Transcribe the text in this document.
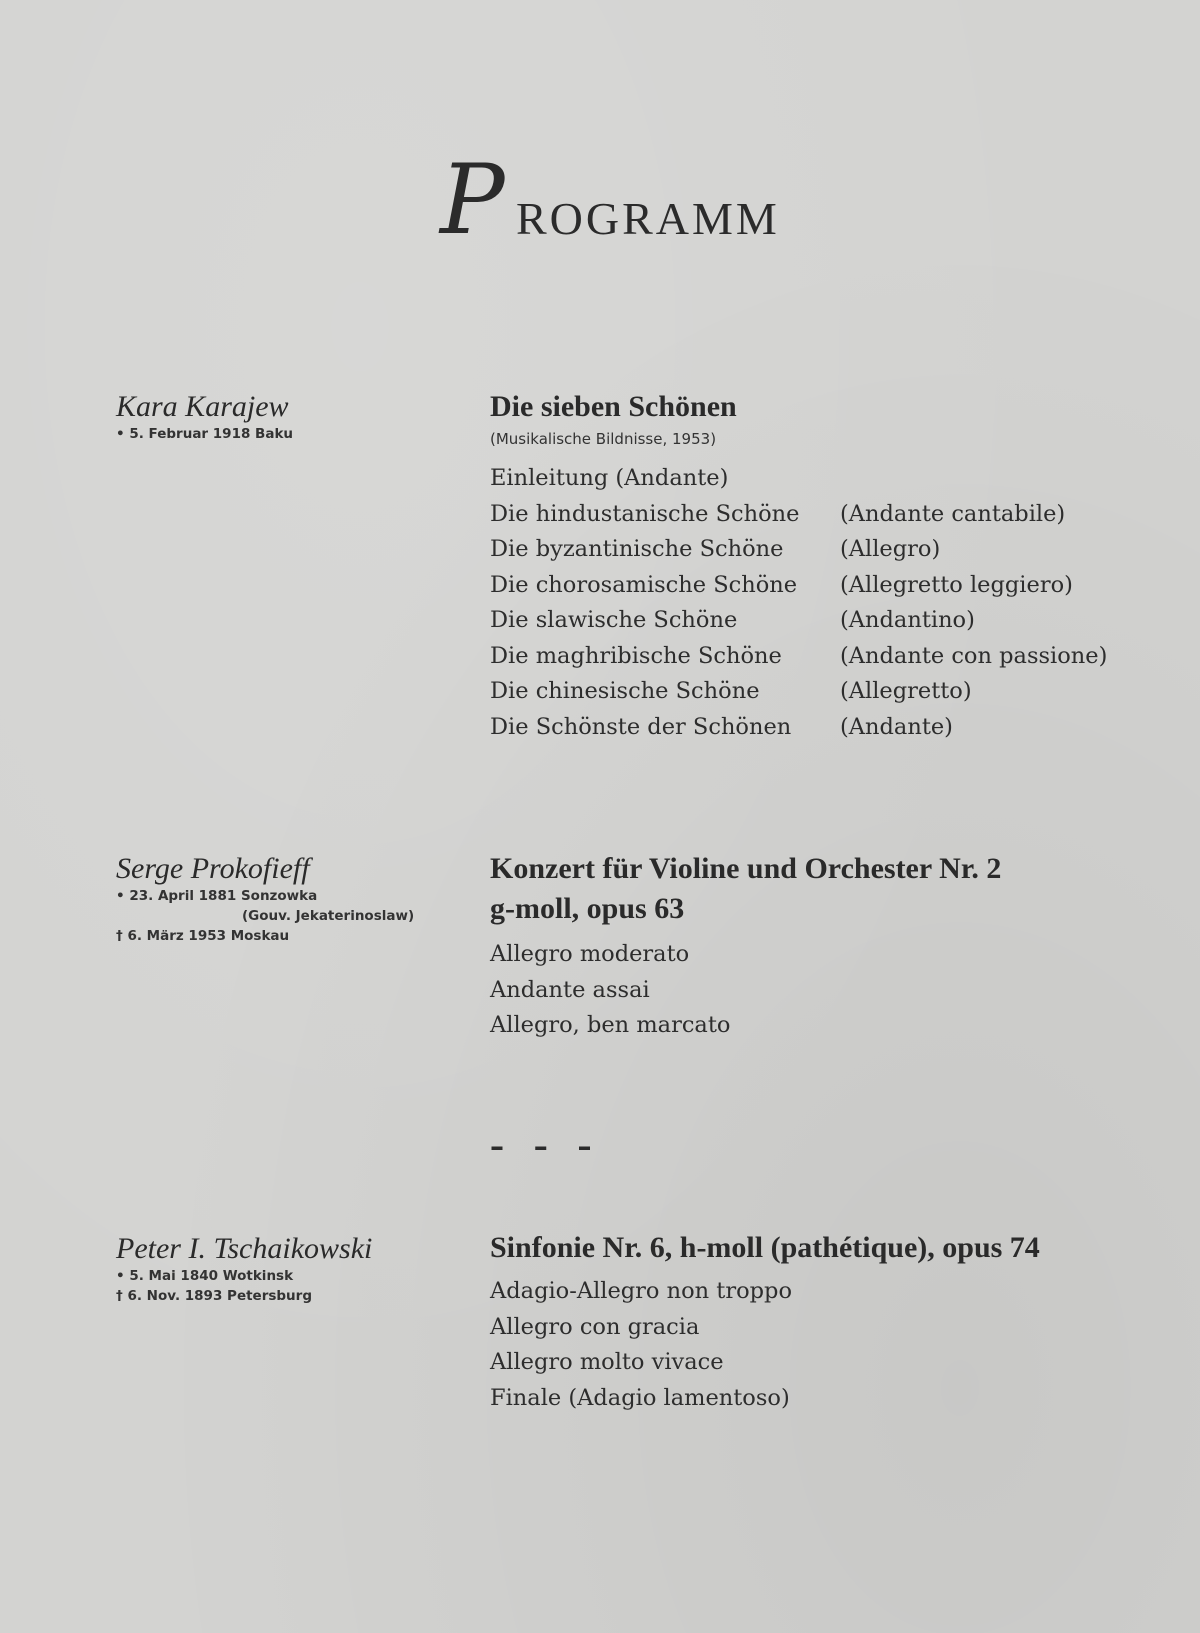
P ROGRAMM
Kara Karajew
• 5. Februar 1918 Baku
Die sieben Schönen
(Musikalische Bildnisse, 1953)
Einleitung (Andante)
Die hindustanische Schöne (Andante cantabile)
Die byzantinische Schöne	(Allegro)
Die chorosamische Schöne (Allegretto leggiero)
Die slawische Schöne	(Andantino)
Die maghribische Schöne	(Andante con passione)
Die chinesische Schöne	(Allegretto)
Die Schönste der Schönen (Andante)
Serge Prokofieff
• 23. April 1881 Sonzowka
(Gouv. Jekaterinoslaw)
† 6. März 1953 Moskau
Konzert für Violine und Orchester Nr. 2
g-moll, opus 63
Allegro moderato
Andante assai
Allegro, ben marcato
– – –
Peter I. Tschaikowski
• 5. Mai 1840 Wotkinsk
† 6. Nov. 1893 Petersburg
Sinfonie Nr. 6, h-moll (pathétique), opus 74
Adagio-Allegro non troppo
Allegro con gracia
Allegro molto vivace
Finale (Adagio lamentoso)
